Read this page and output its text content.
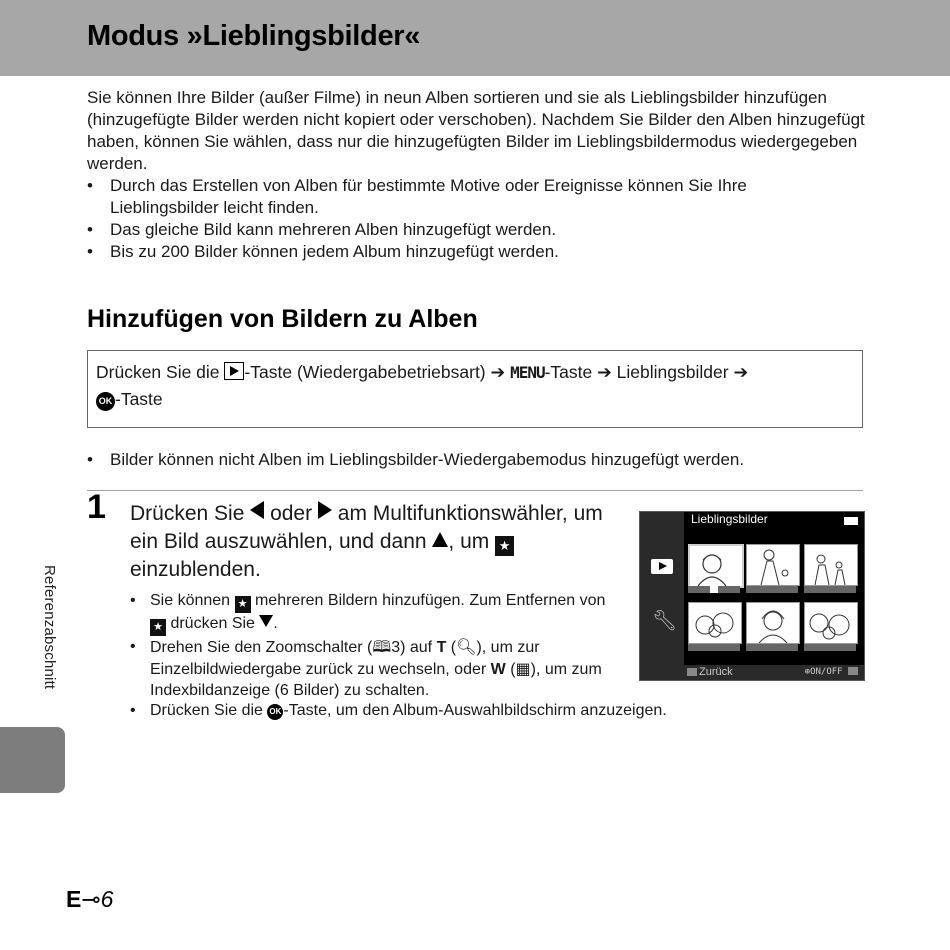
Modus »Lieblingsbilder«

Sie können Ihre Bilder (außer Filme) in neun Alben sortieren und sie als Lieblingsbilder hinzufügen (hinzugefügte Bilder werden nicht kopiert oder verschoben). Nachdem Sie Bilder den Alben hinzugefügt haben, können Sie wählen, dass nur die hinzugefügten Bilder im Lieblingsbildermodus wiedergegeben werden.

• Durch das Erstellen von Alben für bestimmte Motive oder Ereignisse können Sie Ihre Lieblingsbilder leicht finden.
• Das gleiche Bild kann mehreren Alben hinzugefügt werden.
• Bis zu 200 Bilder können jedem Album hinzugefügt werden.
Hinzufügen von Bildern zu Alben
Drücken Sie die -Taste (Wiedergabebetriebsart) ➔ MENU-Taste ➔ Lieblingsbilder ➔
OK -Taste
• Bilder können nicht Alben im Lieblingsbilder-Wiedergabemodus hinzugefügt werden.
1 Drücken Sie oder am Multifunktionswähler, um ein Bild auszuwählen, und dann , um ★ einzublenden.

• Sie können ★ mehreren Bildern hinzufügen. Zum Entfernen von ★ drücken Sie .
• Drehen Sie den Zoomschalter (🕮3) auf T (🔍︎), um zur Einzelbildwiedergabe zurück zu wechseln, oder W (▦), um zum Indexbildanzeige (6 Bilder) zu schalten.
• Drücken Sie die OK -Taste, um den Album-Auswahlbildschirm anzuzeigen.
🔧︎
Lieblingsbilder
Zurück	⊕ON/OFF
Referenzabschnitt
E⊸6
